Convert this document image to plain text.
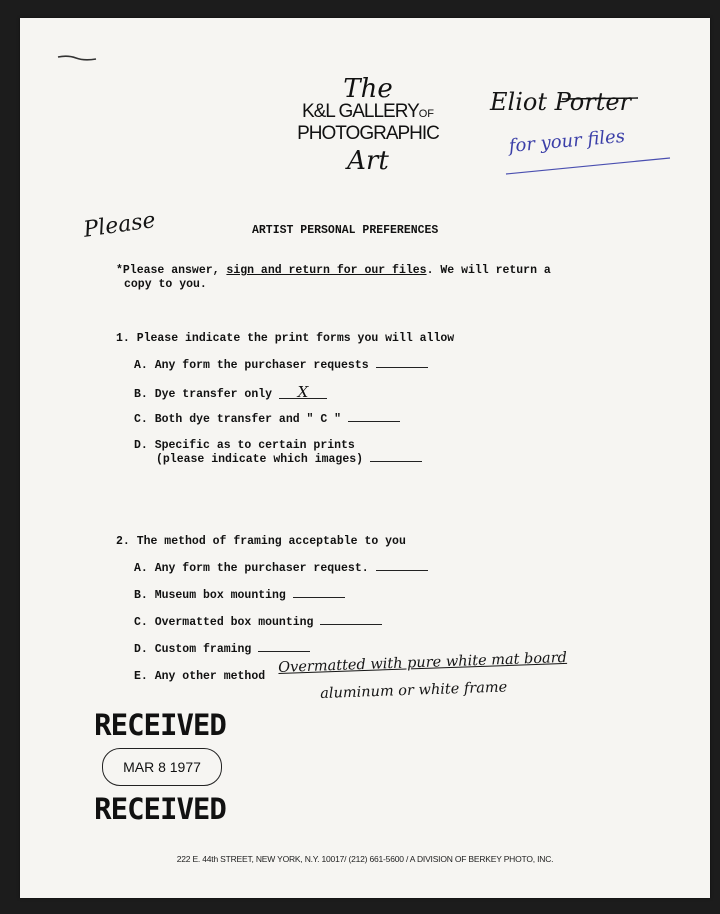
The
K&L GALLERYOF
PHOTOGRAPHIC
Art
Eliot Porter
for your files
Please	ARTIST PERSONAL PREFERENCES
*Please answer, sign and return for our files. We will return a
copy to you.
1. Please indicate the print forms you will allow
A. Any form the purchaser requests
B. Dye transfer only X
C. Both dye transfer and " C "
D. Specific as to certain prints
(please indicate which images)
2. The method of framing acceptable to you
A. Any form the purchaser request.
B. Museum box mounting
C. Overmatted box mounting
D. Custom framing
E. Any other method
Overmatted with pure white mat board
aluminum or white frame
RECEIVED
MAR 8 1977
RECEIVED
222 E. 44th STREET, NEW YORK, N.Y. 10017/ (212) 661-5600 / A DIVISION OF BERKEY PHOTO, INC.
